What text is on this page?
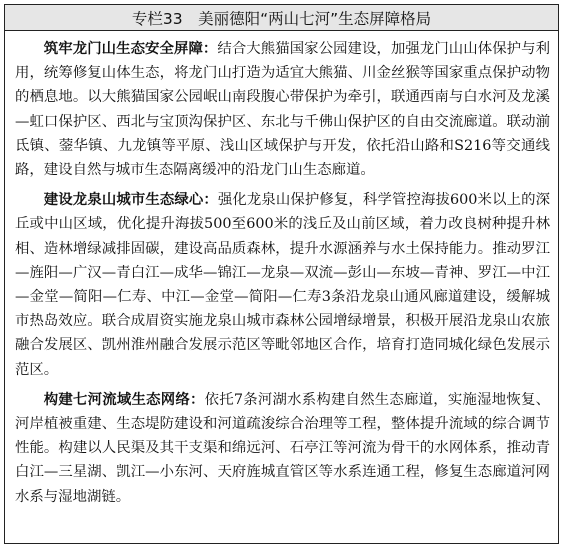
专栏33　美丽德阳“两山七河”生态屏障格局

筑牢龙门山生态安全屏障：结合大熊猫国家公园建设，加强龙门山山体保护与利用，统筹修复山体生态，将龙门山打造为适宜大熊猫、川金丝猴等国家重点保护动物的栖息地。以大熊猫国家公园岷山南段腹心带保护为牵引，联通西南与白水河及龙溪—虹口保护区、西北与宝顶沟保护区、东北与千佛山保护区的自由交流廊道。联动湔氐镇、蓥华镇、九龙镇等平原、浅山区域保护与开发，依托沿山路和S216等交通线路，建设自然与城市生态隔离缓冲的沿龙门山生态廊道。

建设龙泉山城市生态绿心：强化龙泉山保护修复，科学管控海拔600米以上的深丘或中山区域，优化提升海拔500至600米的浅丘及山前区域，着力改良树种提升林相、造林增绿减排固碳，建设高品质森林，提升水源涵养与水土保持能力。推动罗江—旌阳—广汉—青白江—成华—锦江—龙泉—双流—彭山—东坡—青神、罗江—中江—金堂—简阳—仁寿、中江—金堂—简阳—仁寿3条沿龙泉山通风廊道建设，缓解城市热岛效应。联合成眉资实施龙泉山城市森林公园增绿增景，积极开展沿龙泉山农旅融合发展区、凯州淮州融合发展示范区等毗邻地区合作，培育打造同城化绿色发展示范区。

构建七河流域生态网络：依托7条河湖水系构建自然生态廊道，实施湿地恢复、河岸植被重建、生态堤防建设和河道疏浚综合治理等工程，整体提升流域的综合调节性能。构建以人民渠及其干支渠和绵远河、石亭江等河流为骨干的水网体系，推动青白江—三星湖、凯江—小东河、天府旌城直管区等水系连通工程，修复生态廊道河网水系与湿地湖链。
